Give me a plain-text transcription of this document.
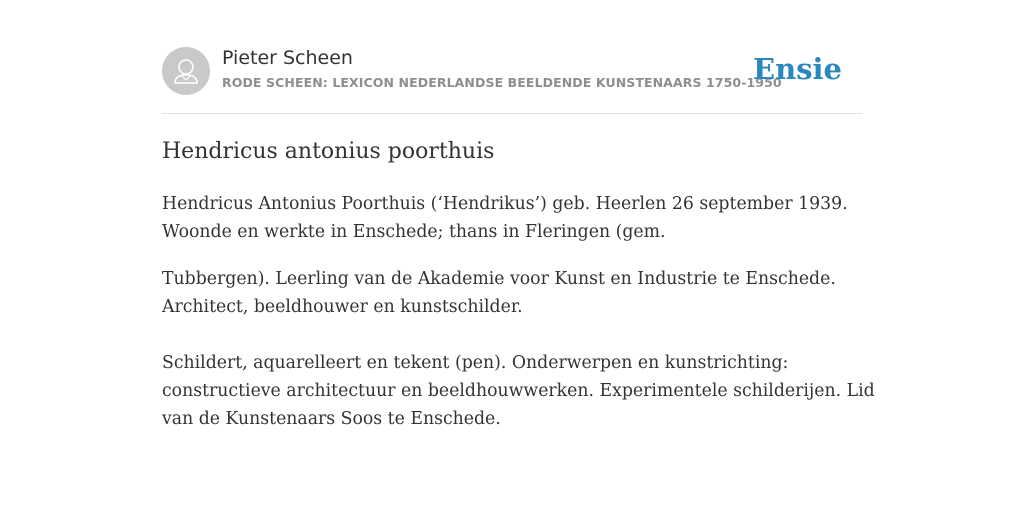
Pieter Scheen
RODE SCHEEN: LEXICON NEDERLANDSE BEELDENDE KUNSTENAARS 1750-1950
Ensie
Hendricus antonius poorthuis

Hendricus Antonius Poorthuis (‘Hendrikus’) geb. Heerlen 26 september 1939.
Woonde en werkte in Enschede; thans in Fleringen (gem.

Tubbergen). Leerling van de Akademie voor Kunst en Industrie te Enschede.
Architect, beeldhouwer en kunstschilder.

Schildert, aquarelleert en tekent (pen). Onderwerpen en kunstrichting:
constructieve architectuur en beeldhouwwerken. Experimentele schilderijen. Lid
van de Kunstenaars Soos te Enschede.
